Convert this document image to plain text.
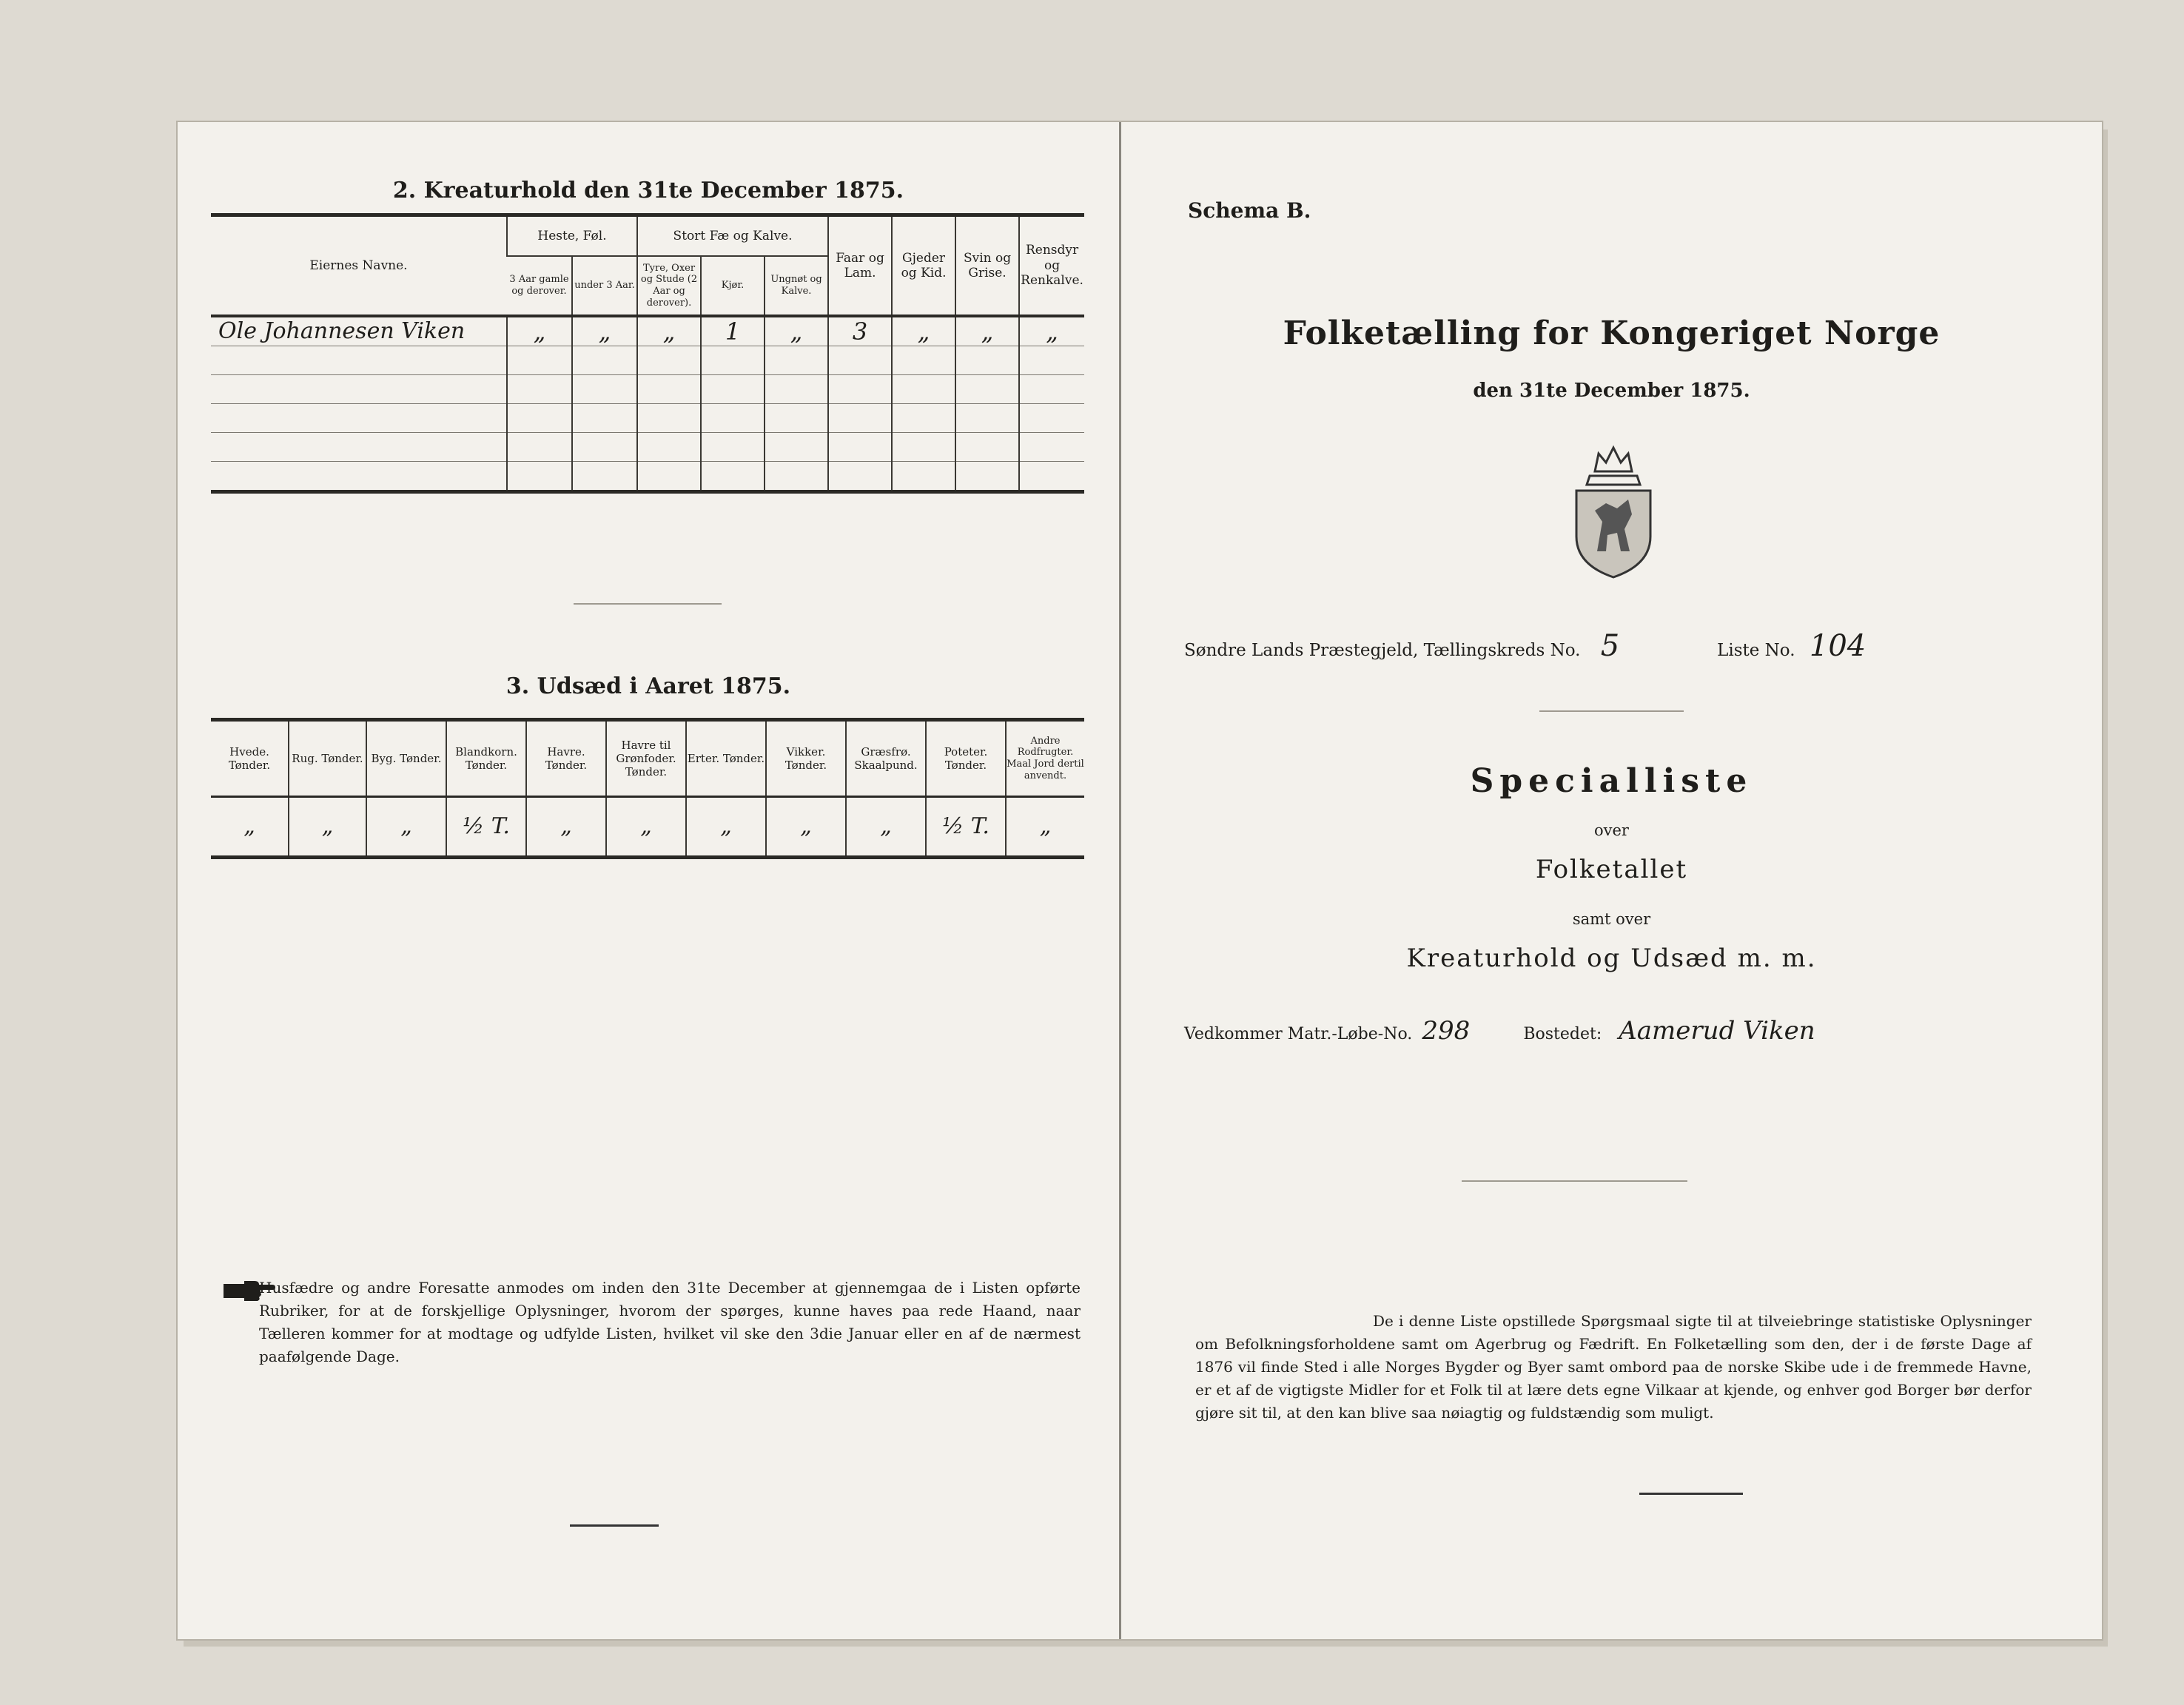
2. Kreaturhold den 31te December 1875.
Eiernes Navne.	Heste, Føl.		Stort Fæ og Kalve.			Faar og Lam.	Gjeder og Kid.	Svin og Grise.	Rensdyr og Renkalve.
	3 Aar gamle og derover.	under 3 Aar.	Tyre, Oxer og Stude (2 Aar og derover).	Kjør.	Ungnøt og Kalve.				
Ole Johannesen Viken	„	„	„	1	„	3	„	„	„

3. Udsæd i Aaret 1875.
Hvede. Tønder.	Rug. Tønder.	Byg. Tønder.	Blandkorn. Tønder.	Havre. Tønder.	Havre til Grønfoder. Tønder.	Erter. Tønder.	Vikker. Tønder.	Græsfrø. Skaalpund.	Poteter. Tønder.	Andre Rodfrugter. Maal Jord dertil anvendt.
„	„	„	½ T.	„	„	„	„	„	½ T.	„
Husfædre og andre Foresatte anmodes om inden den 31te December at gjennemgaa de i Listen opførte Rubriker, for at de forskjellige Oplysninger, hvorom der spørges, kunne haves paa rede Haand, naar Tælleren kommer for at modtage og udfylde Listen, hvilket vil ske den 3die Januar eller en af de nærmest paafølgende Dage.
Schema B.
Folketælling for Kongeriget Norge
den 31te December 1875.
Søndre Lands Præstegjeld, Tællingskreds No. 5	Liste No. 104
Specialliste
over
Folketallet
samt over
Kreaturhold og Udsæd m. m.
Vedkommer Matr.-Løbe-No. 298	Bostedet: Aamerud Viken
De i denne Liste opstillede Spørgsmaal sigte til at tilveiebringe statistiske Oplysninger om Befolkningsforholdene samt om Agerbrug og Fædrift. En Folketælling som den, der i de første Dage af 1876 vil finde Sted i alle Norges Bygder og Byer samt ombord paa de norske Skibe ude i de fremmede Havne, er et af de vigtigste Midler for et Folk til at lære dets egne Vilkaar at kjende, og enhver god Borger bør derfor gjøre sit til, at den kan blive saa nøiagtig og fuldstændig som muligt.
